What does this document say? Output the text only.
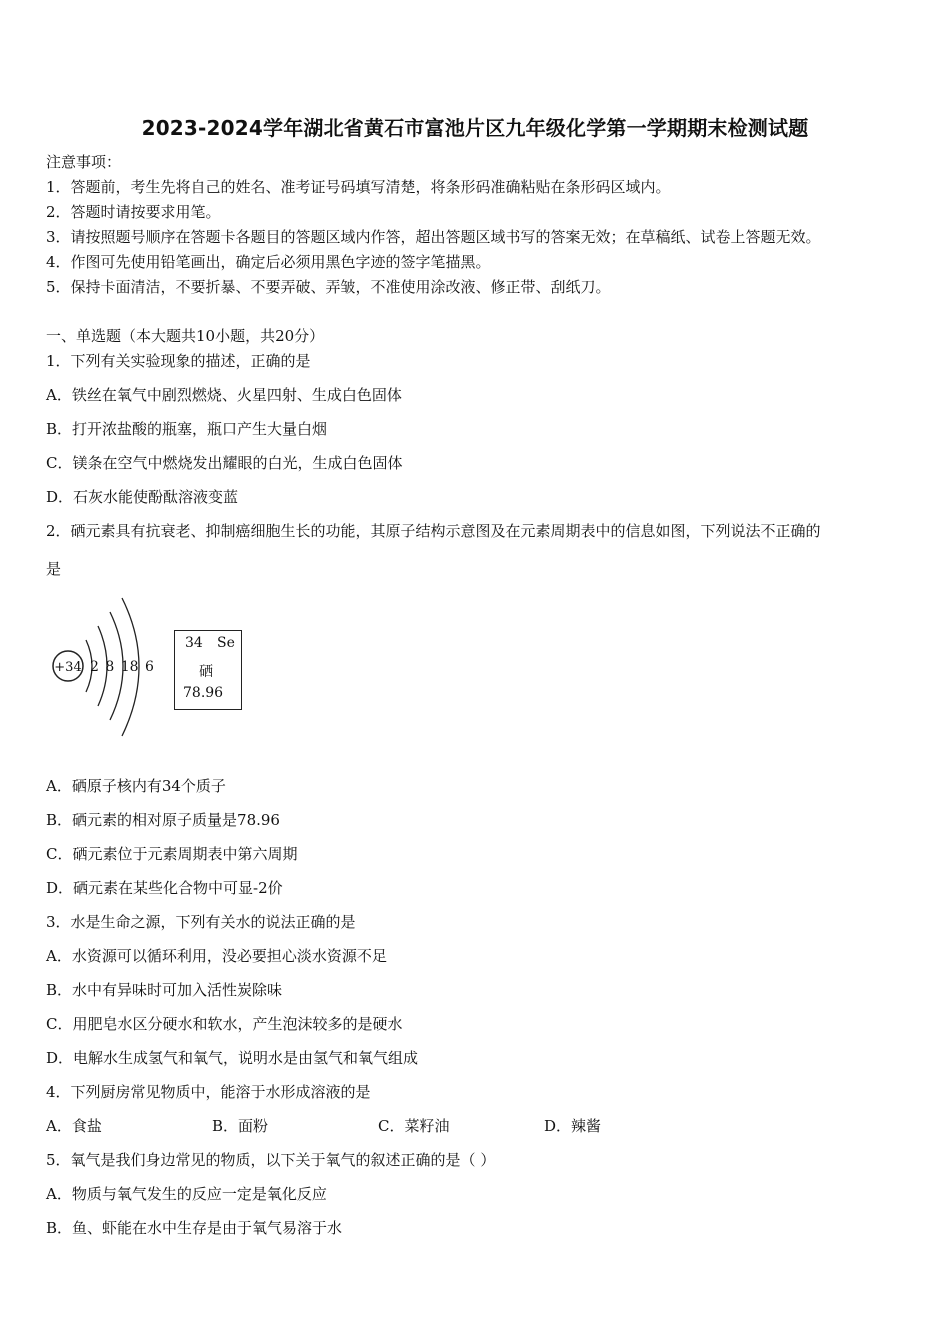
2023-2024学年湖北省黄石市富池片区九年级化学第一学期期末检测试题
注意事项：
1．答题前，考生先将自己的姓名、准考证号码填写清楚，将条形码准确粘贴在条形码区域内。
2．答题时请按要求用笔。
3．请按照题号顺序在答题卡各题目的答题区域内作答，超出答题区域书写的答案无效；在草稿纸、试卷上答题无效。
4．作图可先使用铅笔画出，确定后必须用黑色字迹的签字笔描黑。
5．保持卡面清洁，不要折暴、不要弄破、弄皱，不准使用涂改液、修正带、刮纸刀。
一、单选题（本大题共10小题，共20分）
1．下列有关实验现象的描述，正确的是
A．铁丝在氧气中剧烈燃烧、火星四射、生成白色固体
B．打开浓盐酸的瓶塞，瓶口产生大量白烟
C．镁条在空气中燃烧发出耀眼的白光，生成白色固体
D．石灰水能使酚酞溶液变蓝
2．硒元素具有抗衰老、抑制癌细胞生长的功能，其原子结构示意图及在元素周期表中的信息如图，下列说法不正确的
是
+34 2 8 18 6
34 Se
硒
78.96
A．硒原子核内有34个质子
B．硒元素的相对原子质量是78.96
C．硒元素位于元素周期表中第六周期
D．硒元素在某些化合物中可显-2价
3．水是生命之源，下列有关水的说法正确的是
A．水资源可以循环利用，没必要担心淡水资源不足
B．水中有异味时可加入活性炭除味
C．用肥皂水区分硬水和软水，产生泡沫较多的是硬水
D．电解水生成氢气和氧气，说明水是由氢气和氧气组成
4．下列厨房常见物质中，能溶于水形成溶液的是
A．食盐	B．面粉	C．菜籽油	D．辣酱
5．氧气是我们身边常见的物质，以下关于氧气的叙述正确的是（ ）
A．物质与氧气发生的反应一定是氧化反应
B．鱼、虾能在水中生存是由于氧气易溶于水
